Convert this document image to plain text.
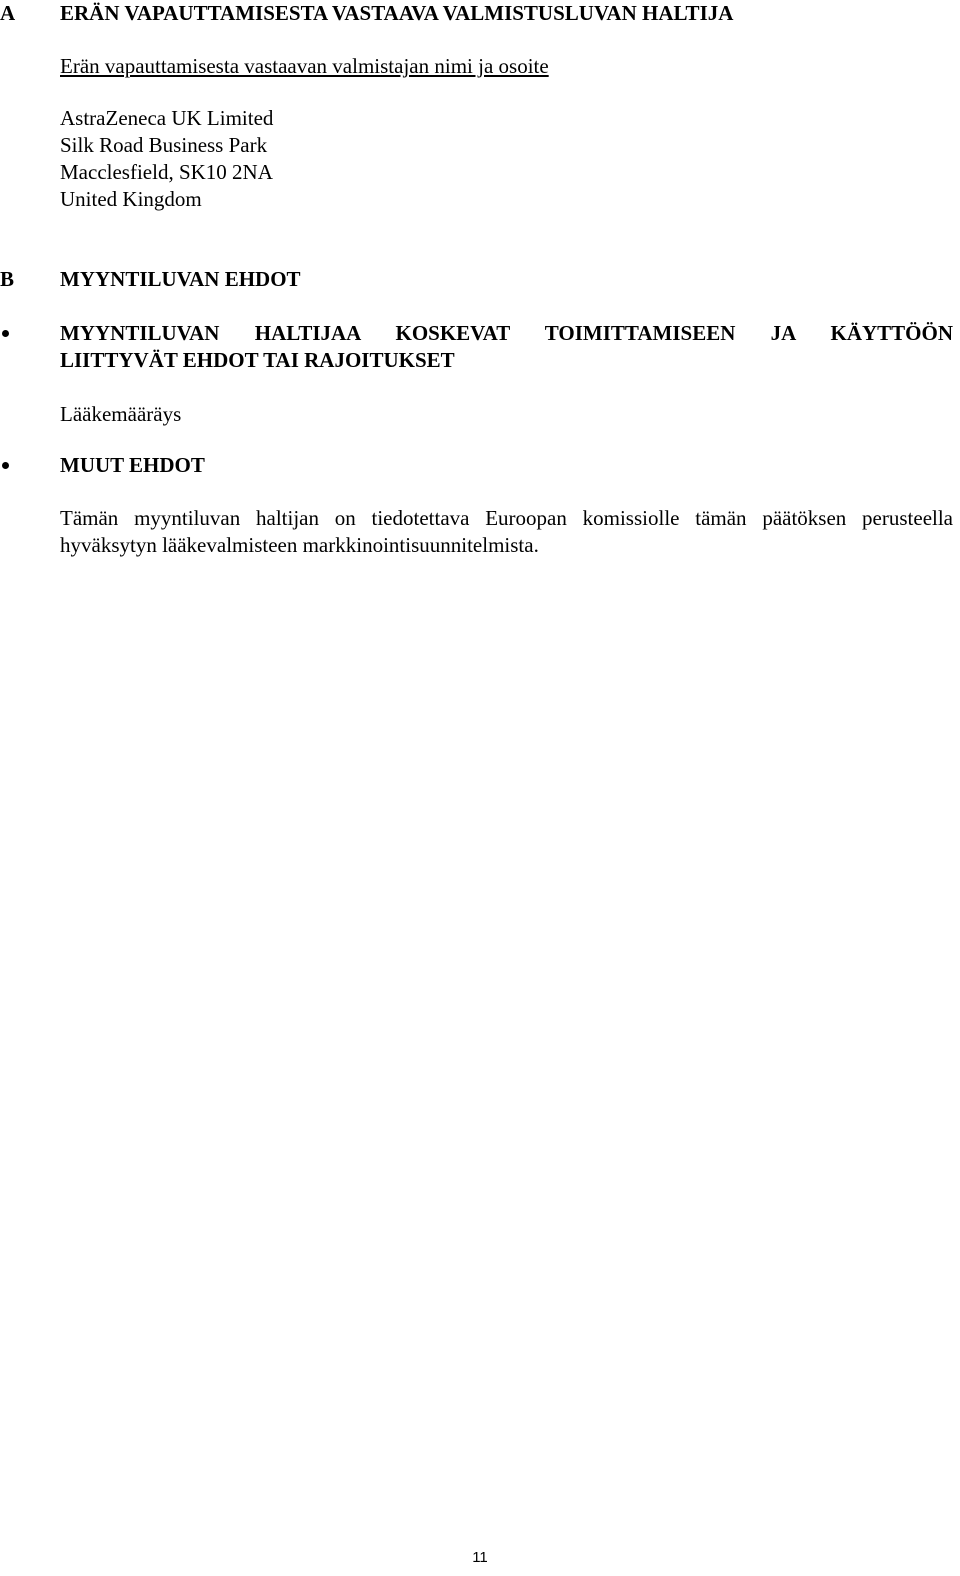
A ERÄN VAPAUTTAMISESTA VASTAAVA VALMISTUSLUVAN HALTIJA
Erän vapauttamisesta vastaavan valmistajan nimi ja osoite
AstraZeneca UK Limited
Silk Road Business Park
Macclesfield, SK10 2NA
United Kingdom
B MYYNTILUVAN EHDOT
MYYNTILUVAN HALTIJAA KOSKEVAT TOIMITTAMISEEN JA KÄYTTÖÖN
LIITTYVÄT EHDOT TAI RAJOITUKSET
Lääkemääräys
MUUT EHDOT
Tämän myyntiluvan haltijan on tiedotettava Euroopan komissiolle tämän päätöksen perusteella
hyväksytyn lääkevalmisteen markkinointisuunnitelmista.
11
